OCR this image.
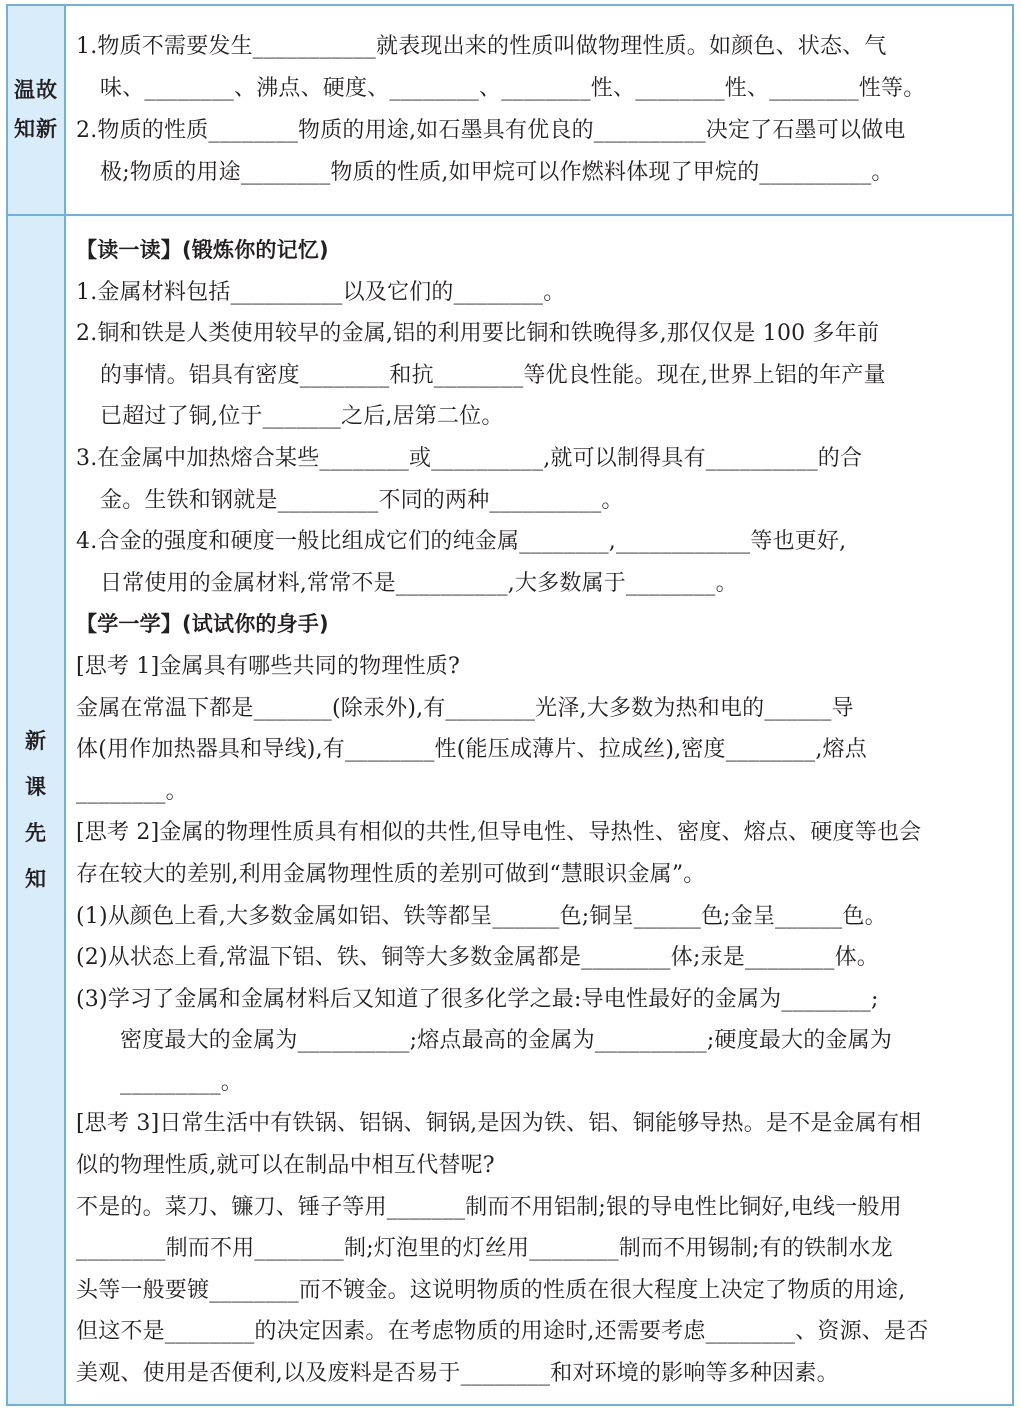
温故
知新
新
课
先
知
1.物质不需要发生___________就表现出来的性质叫做物理性质。如颜色、状态、气
味、________、沸点、硬度、________、________性、________性、________性等。
2.物质的性质________物质的用途,如石墨具有优良的__________决定了石墨可以做电
极;物质的用途________物质的性质,如甲烷可以作燃料体现了甲烷的__________。
【读一读】(锻炼你的记忆)
1.金属材料包括__________以及它们的________。
2.铜和铁是人类使用较早的金属,铝的利用要比铜和铁晚得多,那仅仅是 100 多年前
的事情。铝具有密度________和抗________等优良性能。现在,世界上铝的年产量
已超过了铜,位于_______之后,居第二位。
3.在金属中加热熔合某些________或__________,就可以制得具有__________的合
金。生铁和钢就是_________不同的两种__________。
4.合金的强度和硬度一般比组成它们的纯金属________,____________等也更好,
日常使用的金属材料,常常不是__________,大多数属于________。
【学一学】(试试你的身手)
[思考 1]金属具有哪些共同的物理性质?
金属在常温下都是_______(除汞外),有________光泽,大多数为热和电的______导
体(用作加热器具和导线),有________性(能压成薄片、拉成丝),密度________,熔点
________。
[思考 2]金属的物理性质具有相似的共性,但导电性、导热性、密度、熔点、硬度等也会
存在较大的差别,利用金属物理性质的差别可做到“慧眼识金属”。
(1)从颜色上看,大多数金属如铝、铁等都呈______色;铜呈______色;金呈______色。
(2)从状态上看,常温下铝、铁、铜等大多数金属都是________体;汞是________体。
(3)学习了金属和金属材料后又知道了很多化学之最:导电性最好的金属为________;
密度最大的金属为__________;熔点最高的金属为__________;硬度最大的金属为
_________。
[思考 3]日常生活中有铁锅、铝锅、铜锅,是因为铁、铝、铜能够导热。是不是金属有相
似的物理性质,就可以在制品中相互代替呢?
不是的。菜刀、镰刀、锤子等用_______制而不用铝制;银的导电性比铜好,电线一般用
________制而不用________制;灯泡里的灯丝用________制而不用锡制;有的铁制水龙
头等一般要镀________而不镀金。这说明物质的性质在很大程度上决定了物质的用途,
但这不是________的决定因素。在考虑物质的用途时,还需要考虑________、资源、是否
美观、使用是否便利,以及废料是否易于________和对环境的影响等多种因素。
